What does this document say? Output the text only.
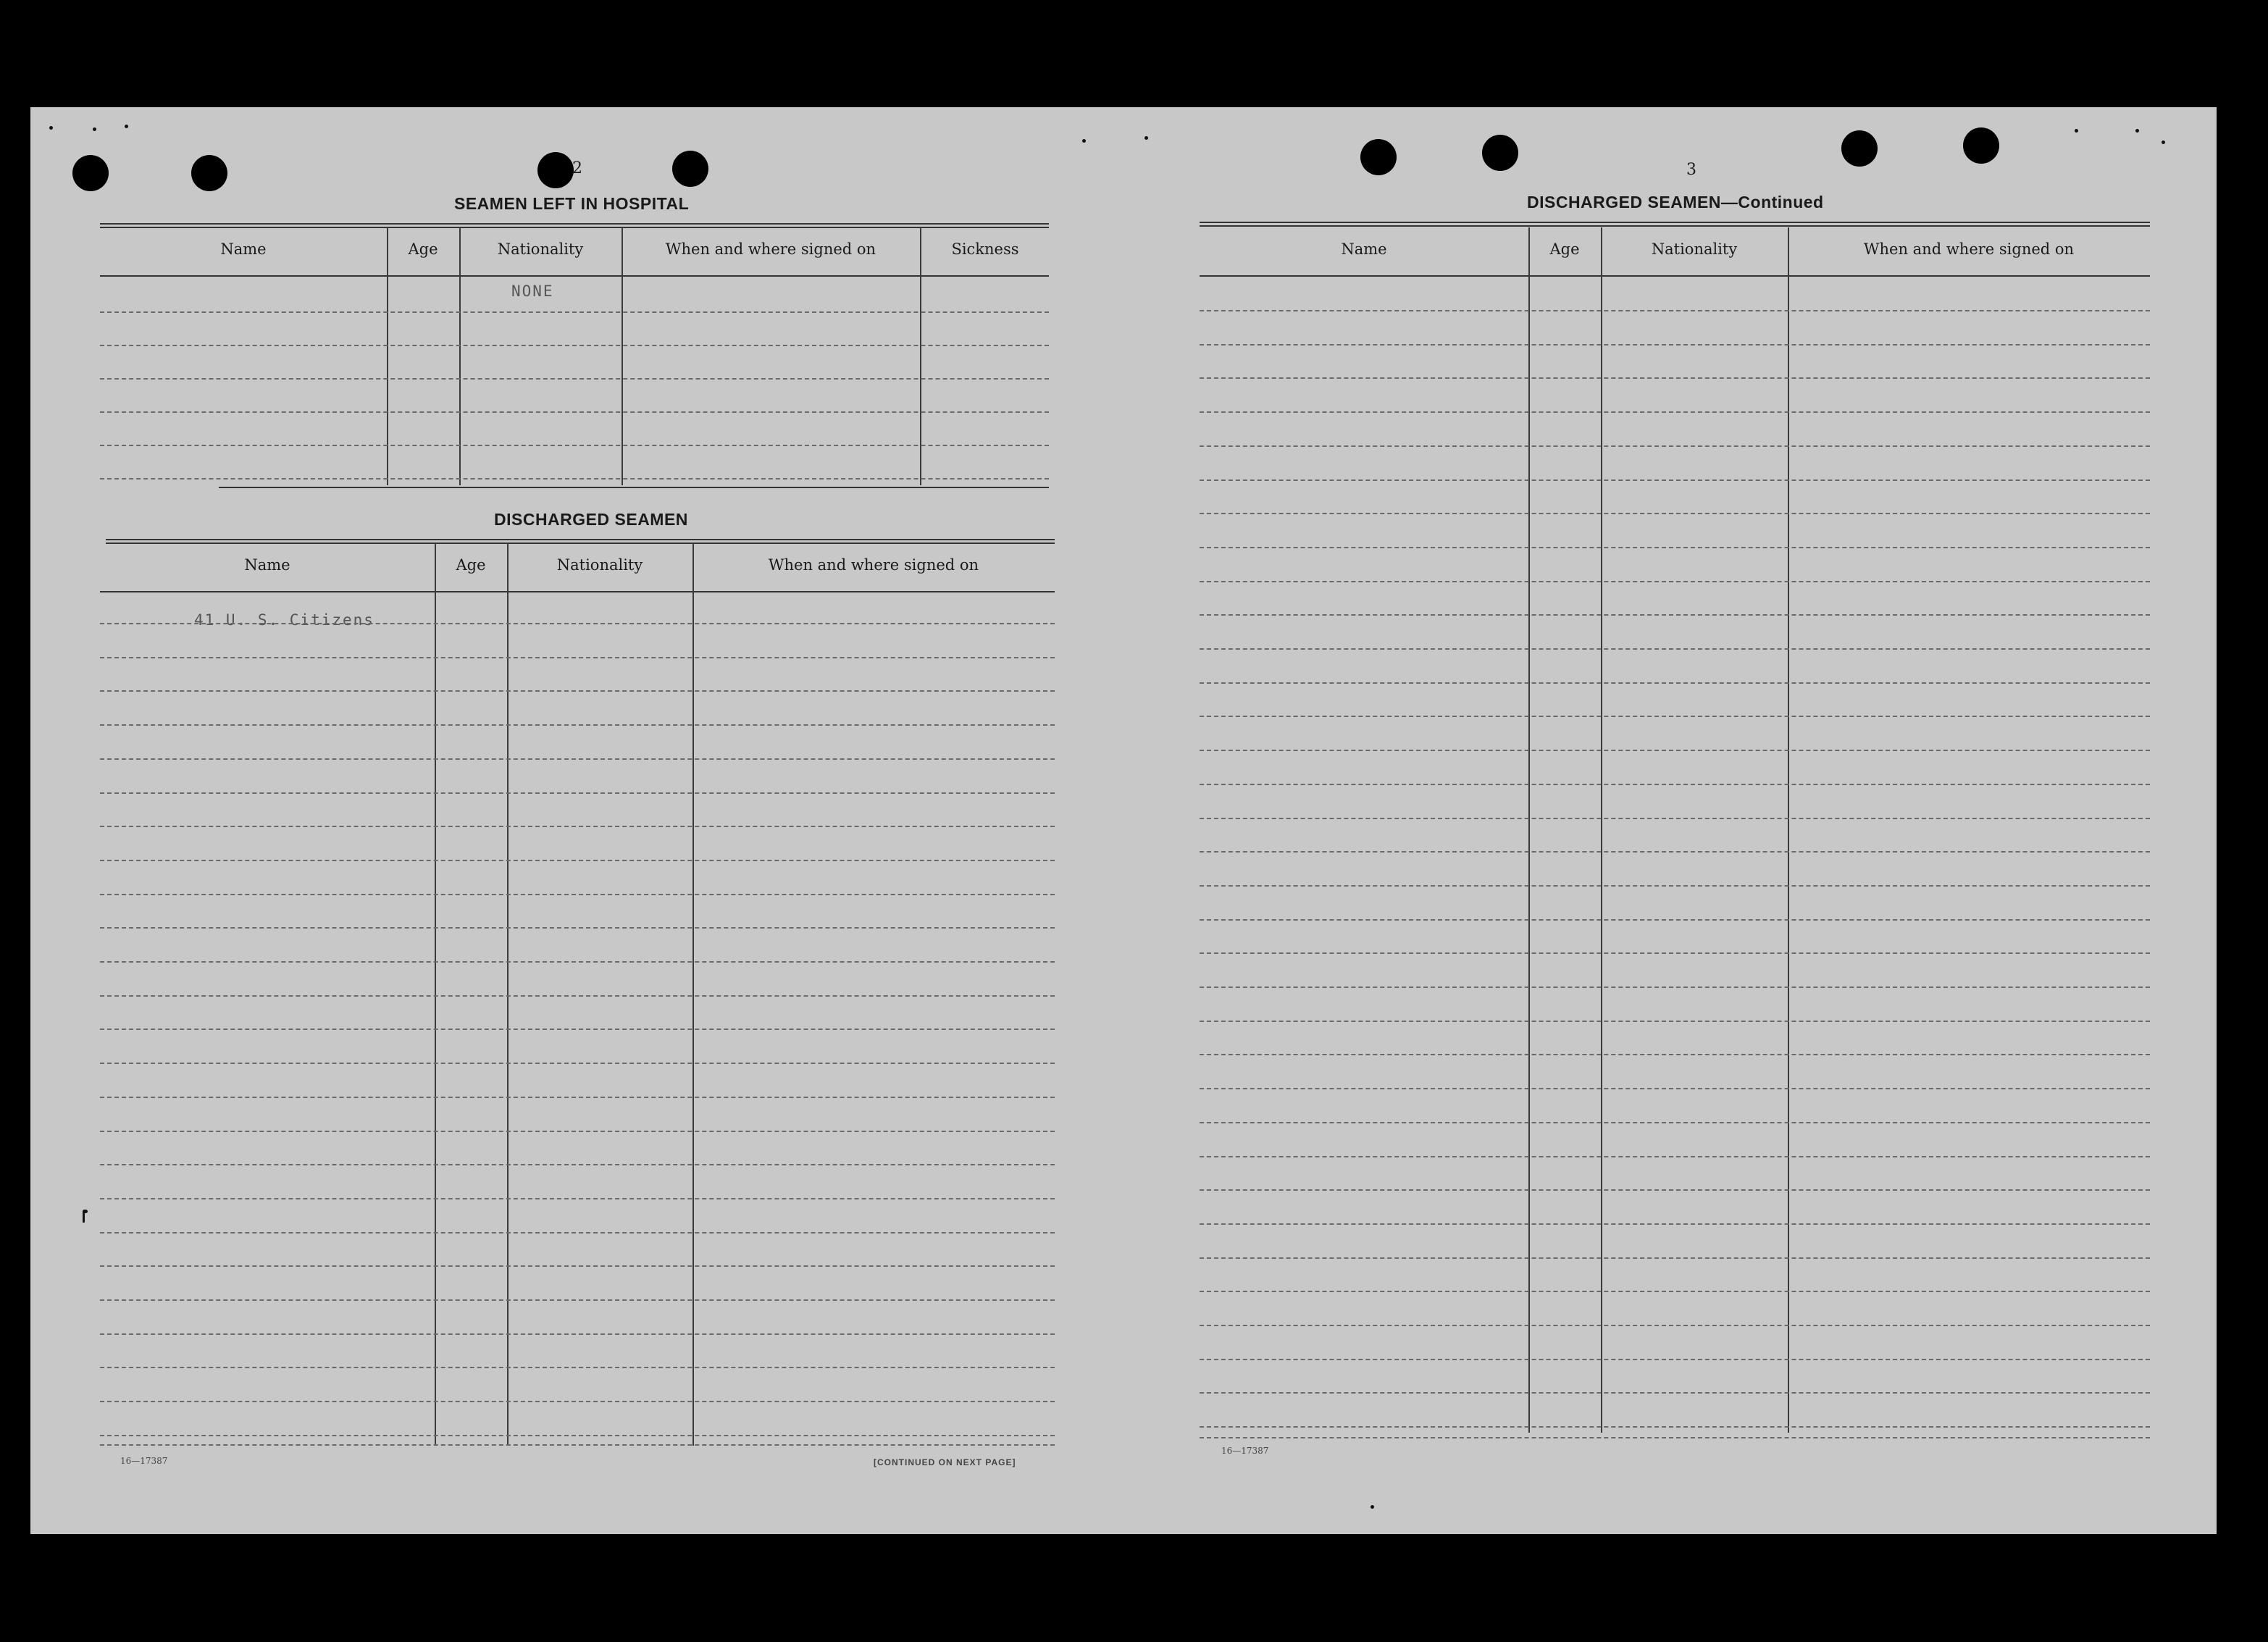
2
SEAMEN LEFT IN HOSPITAL
Name	Age	Nationality	When and where signed on	Sickness
NONE
DISCHARGED SEAMEN
Name	Age	Nationality	When and where signed on
41 U. S. Citizens
16—17387	[CONTINUED ON NEXT PAGE]
3
DISCHARGED SEAMEN—Continued
Name	Age	Nationality	When and where signed on
16—17387
